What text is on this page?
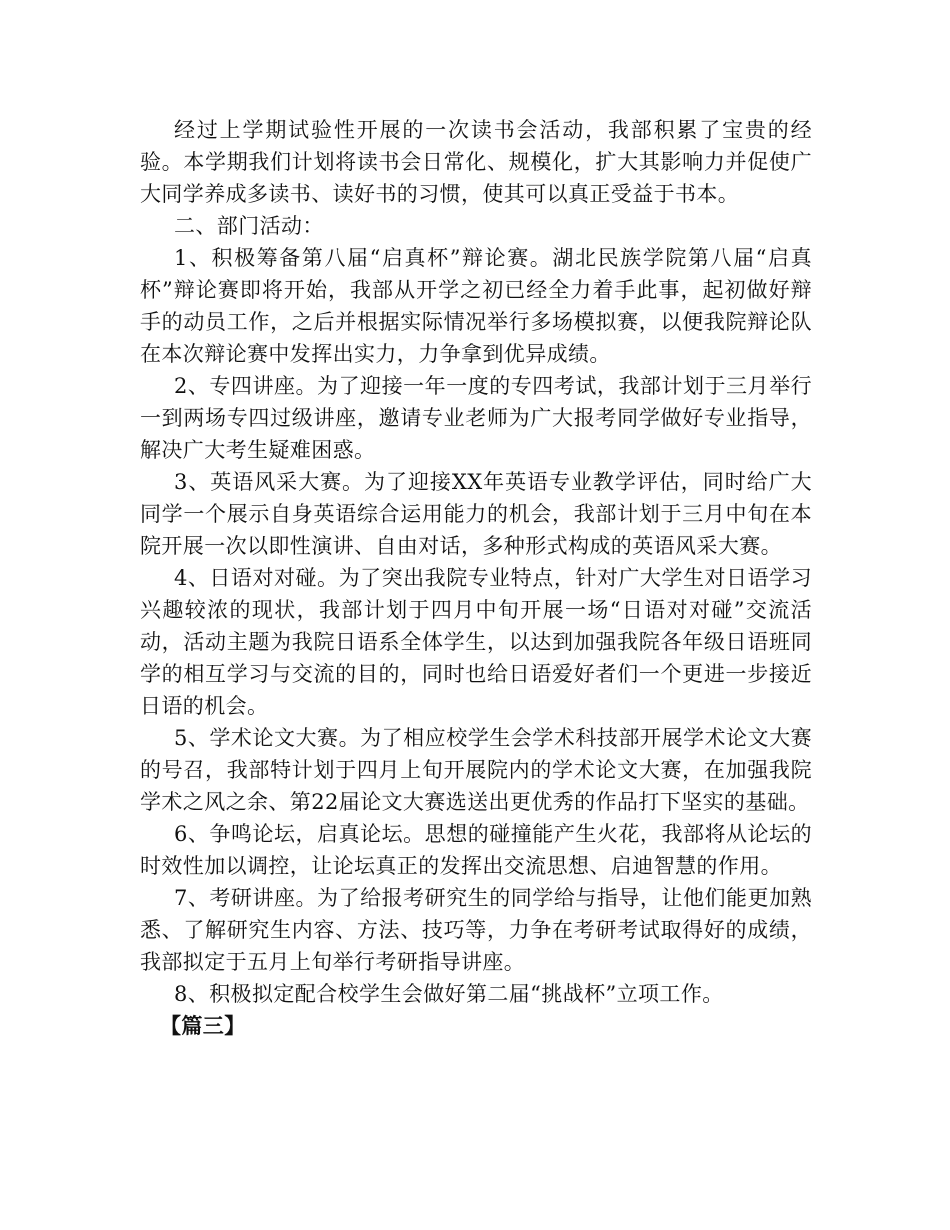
经过上学期试验性开展的一次读书会活动，我部积累了宝贵的经验。本学期我们计划将读书会日常化、规模化，扩大其影响力并促使广大同学养成多读书、读好书的习惯，使其可以真正受益于书本。

二、部门活动：

1、积极筹备第八届“启真杯”辩论赛。湖北民族学院第八届“启真杯”辩论赛即将开始，我部从开学之初已经全力着手此事，起初做好辩手的动员工作，之后并根据实际情况举行多场模拟赛，以便我院辩论队在本次辩论赛中发挥出实力，力争拿到优异成绩。

2、专四讲座。为了迎接一年一度的专四考试，我部计划于三月举行一到两场专四过级讲座，邀请专业老师为广大报考同学做好专业指导，解决广大考生疑难困惑。

3、英语风采大赛。为了迎接XX年英语专业教学评估，同时给广大同学一个展示自身英语综合运用能力的机会，我部计划于三月中旬在本院开展一次以即性演讲、自由对话，多种形式构成的英语风采大赛。

4、日语对对碰。为了突出我院专业特点，针对广大学生对日语学习兴趣较浓的现状，我部计划于四月中旬开展一场“日语对对碰”交流活动，活动主题为我院日语系全体学生，以达到加强我院各年级日语班同学的相互学习与交流的目的，同时也给日语爱好者们一个更进一步接近日语的机会。

5、学术论文大赛。为了相应校学生会学术科技部开展学术论文大赛的号召，我部特计划于四月上旬开展院内的学术论文大赛，在加强我院学术之风之余、第22届论文大赛选送出更优秀的作品打下坚实的基础。

6、争鸣论坛，启真论坛。思想的碰撞能产生火花，我部将从论坛的时效性加以调控，让论坛真正的发挥出交流思想、启迪智慧的作用。

7、考研讲座。为了给报考研究生的同学给与指导，让他们能更加熟悉、了解研究生内容、方法、技巧等，力争在考研考试取得好的成绩，我部拟定于五月上旬举行考研指导讲座。

8、积极拟定配合校学生会做好第二届“挑战杯”立项工作。

【篇三】
